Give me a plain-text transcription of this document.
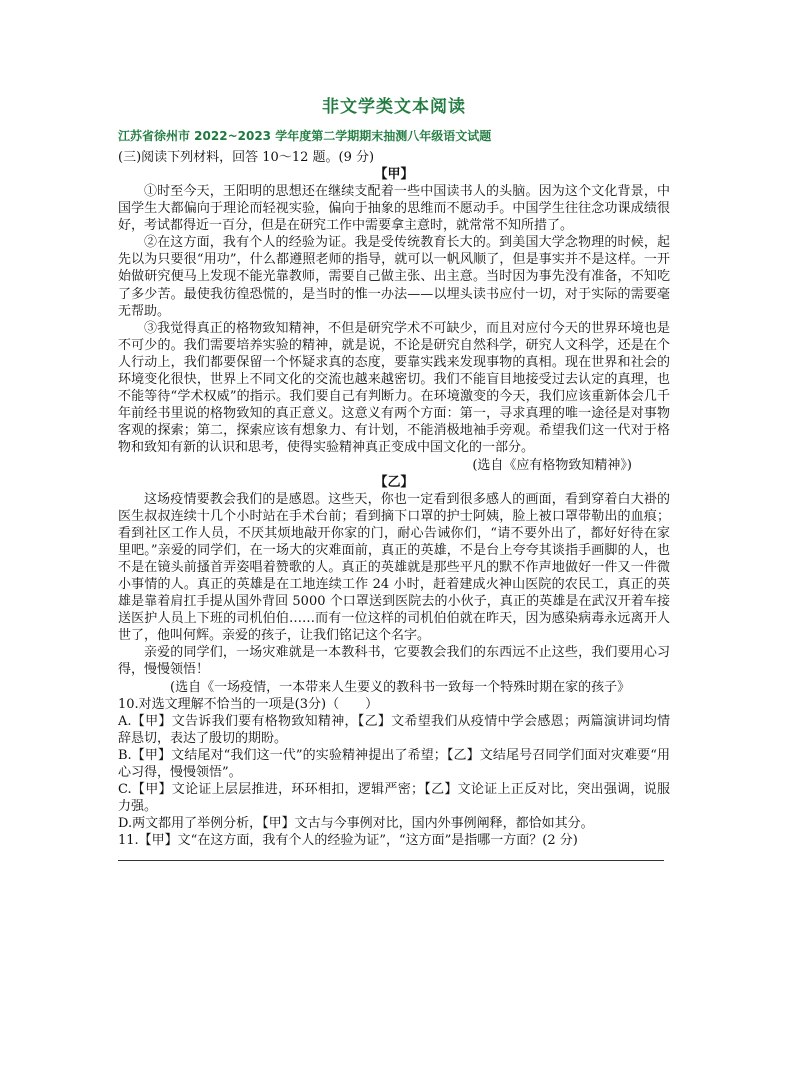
非文学类文本阅读
江苏省徐州市 2022~2023 学年度第二学期期末抽测八年级语文试题

(三)阅读下列材料，回答 10～12 题。(9 分)

【甲】

①时至今天，王阳明的思想还在继续支配着一些中国读书人的头脑。因为这个文化背景，中国学生大都偏向于理论而轻视实验，偏向于抽象的思维而不愿动手。中国学生往往念功课成绩很好，考试都得近一百分，但是在研究工作中需要拿主意时，就常常不知所措了。

②在这方面，我有个人的经验为证。我是受传统教育长大的。到美国大学念物理的时候，起先以为只要很“用功”，什么都遵照老师的指导，就可以一帆风顺了，但是事实并不是这样。一开始做研究便马上发现不能光靠教师，需要自己做主张、出主意。当时因为事先没有准备，不知吃了多少苦。最使我彷徨恐慌的，是当时的惟一办法——以埋头读书应付一切，对于实际的需要毫无帮助。

③我觉得真正的格物致知精神，不但是研究学术不可缺少，而且对应付今天的世界环境也是不可少的。我们需要培养实验的精神，就是说，不论是研究自然科学，研究人文科学，还是在个人行动上，我们都要保留一个怀疑求真的态度，要靠实践来发现事物的真相。现在世界和社会的环境变化很快，世界上不同文化的交流也越来越密切。我们不能盲目地接受过去认定的真理，也不能等待“学术权威”的指示。我们要自己有判断力。在环境激变的今天，我们应该重新体会几千年前经书里说的格物致知的真正意义。这意义有两个方面：第一，寻求真理的唯一途径是对事物客观的探索；第二，探索应该有想象力、有计划，不能消极地袖手旁观。希望我们这一代对于格物和致知有新的认识和思考，使得实验精神真正变成中国文化的一部分。

(选自《应有格物致知精神》)

【乙】

这场疫情要教会我们的是感恩。这些天，你也一定看到很多感人的画面，看到穿着白大褂的医生叔叔连续十几个小时站在手术台前；看到摘下口罩的护士阿姨，脸上被口罩带勒出的血痕；看到社区工作人员，不厌其烦地敲开你家的门，耐心告诫你们，“请不要外出了，都好好待在家里吧。”亲爱的同学们，在一场大的灾难面前，真正的英雄，不是台上夸夸其谈指手画脚的人，也不是在镜头前搔首弄姿唱着赞歌的人。真正的英雄就是那些平凡的默不作声地做好一件又一件微小事情的人。真正的英雄是在工地连续工作 24 小时，赶着建成火神山医院的农民工，真正的英雄是靠着肩扛手提从国外背回 5000 个口罩送到医院去的小伙子，真正的英雄是在武汉开着车接送医护人员上下班的司机伯伯……而有一位这样的司机伯伯就在昨天，因为感染病毒永远离开人世了，他叫何辉。亲爱的孩子，让我们铭记这个名字。

亲爱的同学们，一场灾难就是一本教科书，它要教会我们的东西远不止这些，我们要用心习得，慢慢领悟！

(选自《一场疫情，一本带来人生要义的教科书一致每一个特殊时期在家的孩子》

10.对选文理解不恰当的一项是(3分)（　　）

A.【甲】文告诉我们要有格物致知精神，【乙】文希望我们从疫情中学会感恩；两篇演讲词均情辞恳切，表达了殷切的期盼。

B.【甲】文结尾对“我们这一代”的实验精神提出了希望；【乙】文结尾号召同学们面对灾难要“用心习得，慢慢领悟”。

C.【甲】文论证上层层推进，环环相扣，逻辑严密；【乙】文论证上正反对比，突出强调，说服力强。

D.两文都用了举例分析，【甲】文古与今事例对比，国内外事例阐释，都恰如其分。

11.【甲】文“在这方面，我有个人的经验为证”，“这方面”是指哪一方面？(2 分)
